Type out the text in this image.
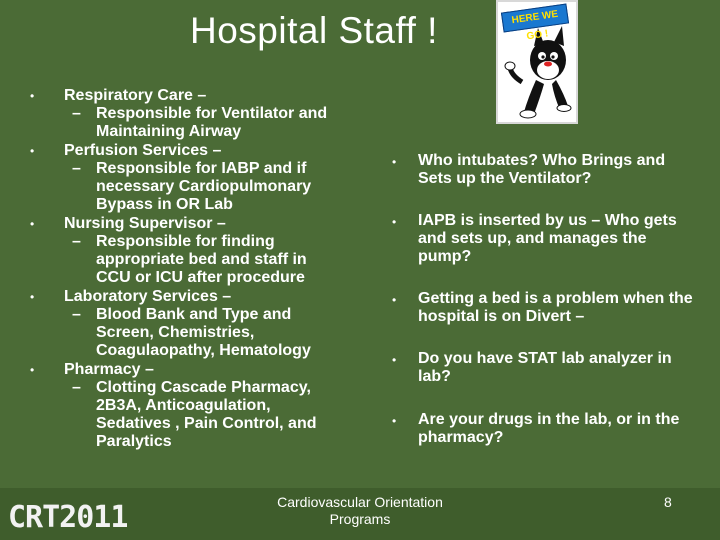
Hospital Staff !	HERE WE GO !
• Respiratory Care –
– Responsible for Ventilator and Maintaining Airway
• Perfusion Services –
– Responsible for IABP and if necessary Cardiopulmonary Bypass in OR Lab
• Nursing Supervisor –
– Responsible for finding appropriate bed and staff in CCU or ICU after procedure
• Laboratory Services –
– Blood Bank and Type and Screen, Chemistries, Coagulaopathy, Hematology
• Pharmacy –
– Clotting Cascade Pharmacy, 2B3A, Anticoagulation, Sedatives , Pain Control, and Paralytics
• Who intubates? Who Brings and Sets up the Ventilator?
• IAPB is inserted by us – Who gets and sets up, and manages the pump?
• Getting a bed is a problem when the hospital is on Divert –
• Do you have STAT lab analyzer in lab?
• Are your drugs in the lab, or in the pharmacy?
CRT2011	Cardiovascular Orientation Programs
8
